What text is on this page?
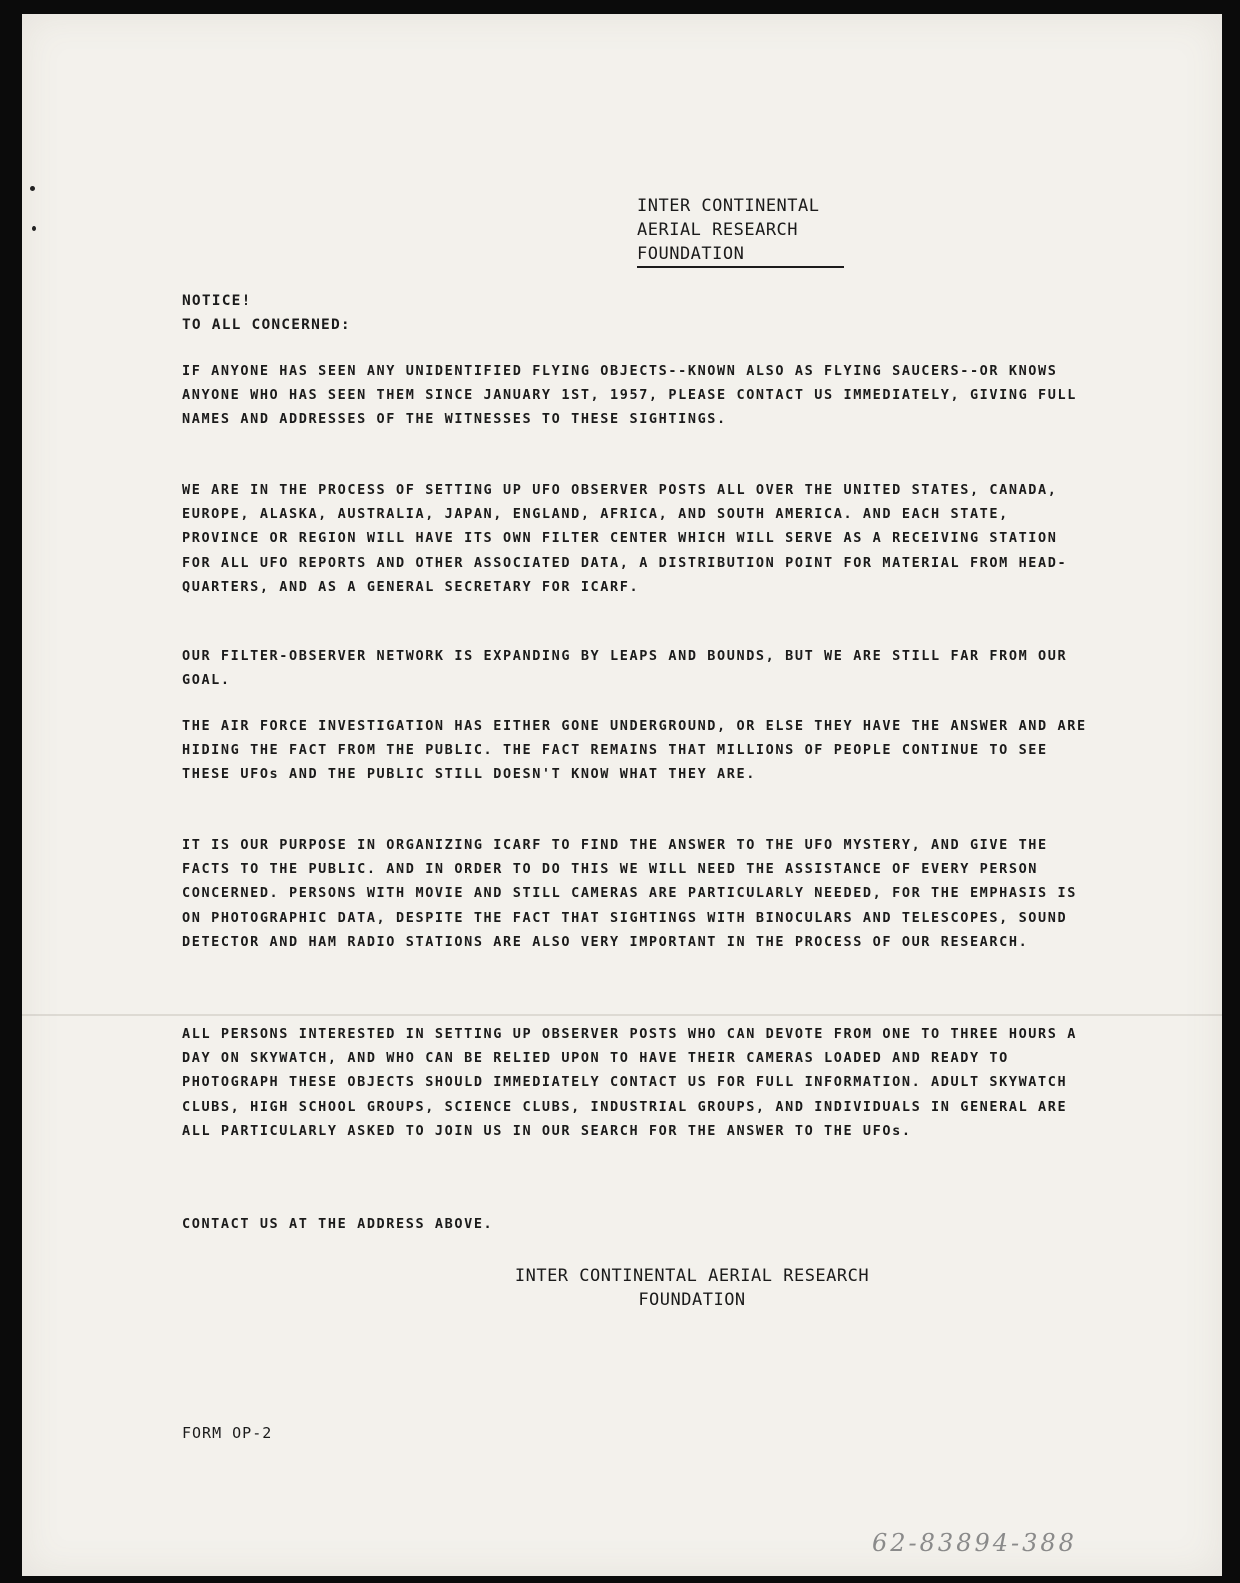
INTER CONTINENTAL
AERIAL RESEARCH
FOUNDATION
NOTICE!
TO ALL CONCERNED:

IF ANYONE HAS SEEN ANY UNIDENTIFIED FLYING OBJECTS--KNOWN ALSO AS FLYING SAUCERS--OR KNOWS ANYONE WHO HAS SEEN THEM SINCE JANUARY 1ST, 1957, PLEASE CONTACT US IMMEDIATELY, GIVING FULL NAMES AND ADDRESSES OF THE WITNESSES TO THESE SIGHTINGS.

WE ARE IN THE PROCESS OF SETTING UP UFO OBSERVER POSTS ALL OVER THE UNITED STATES, CANADA, EUROPE, ALASKA, AUSTRALIA, JAPAN, ENGLAND, AFRICA, AND SOUTH AMERICA. AND EACH STATE, PROVINCE OR REGION WILL HAVE ITS OWN FILTER CENTER WHICH WILL SERVE AS A RECEIVING STATION FOR ALL UFO REPORTS AND OTHER ASSOCIATED DATA, A DISTRIBUTION POINT FOR MATERIAL FROM HEAD-QUARTERS, AND AS A GENERAL SECRETARY FOR ICARF.

OUR FILTER-OBSERVER NETWORK IS EXPANDING BY LEAPS AND BOUNDS, BUT WE ARE STILL FAR FROM OUR GOAL.

THE AIR FORCE INVESTIGATION HAS EITHER GONE UNDERGROUND, OR ELSE THEY HAVE THE ANSWER AND ARE HIDING THE FACT FROM THE PUBLIC. THE FACT REMAINS THAT MILLIONS OF PEOPLE CONTINUE TO SEE THESE UFOs AND THE PUBLIC STILL DOESN'T KNOW WHAT THEY ARE.

IT IS OUR PURPOSE IN ORGANIZING ICARF TO FIND THE ANSWER TO THE UFO MYSTERY, AND GIVE THE FACTS TO THE PUBLIC. AND IN ORDER TO DO THIS WE WILL NEED THE ASSISTANCE OF EVERY PERSON CONCERNED. PERSONS WITH MOVIE AND STILL CAMERAS ARE PARTICULARLY NEEDED, FOR THE EMPHASIS IS ON PHOTOGRAPHIC DATA, DESPITE THE FACT THAT SIGHTINGS WITH BINOCULARS AND TELESCOPES, SOUND DETECTOR AND HAM RADIO STATIONS ARE ALSO VERY IMPORTANT IN THE PROCESS OF OUR RESEARCH.

ALL PERSONS INTERESTED IN SETTING UP OBSERVER POSTS WHO CAN DEVOTE FROM ONE TO THREE HOURS A DAY ON SKYWATCH, AND WHO CAN BE RELIED UPON TO HAVE THEIR CAMERAS LOADED AND READY TO PHOTOGRAPH THESE OBJECTS SHOULD IMMEDIATELY CONTACT US FOR FULL INFORMATION. ADULT SKYWATCH CLUBS, HIGH SCHOOL GROUPS, SCIENCE CLUBS, INDUSTRIAL GROUPS, AND INDIVIDUALS IN GENERAL ARE ALL PARTICULARLY ASKED TO JOIN US IN OUR SEARCH FOR THE ANSWER TO THE UFOs.

CONTACT US AT THE ADDRESS ABOVE.

INTER CONTINENTAL AERIAL RESEARCH
FOUNDATION
FORM OP-2
62-83894-388
